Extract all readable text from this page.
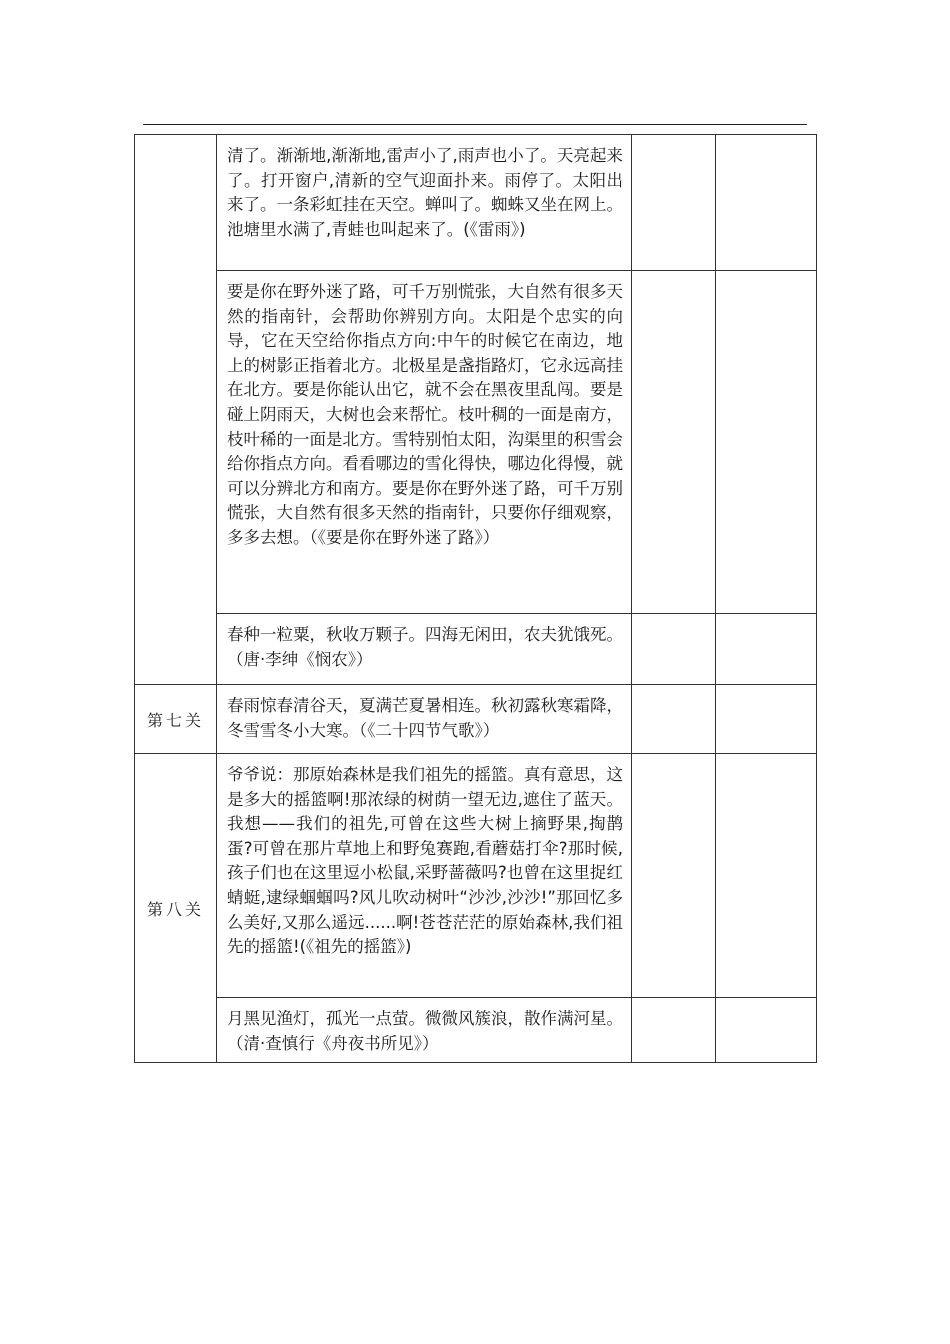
	清了。渐渐地,渐渐地,雷声小了,雨声也小了。天亮起来了。打开窗户,清新的空气迎面扑来。雨停了。太阳出来了。一条彩虹挂在天空。蝉叫了。蜘蛛又坐在网上。池塘里水满了,青蛙也叫起来了。(《雷雨》)		
	要是你在野外迷了路，可千万别慌张，大自然有很多天然的指南针，会帮助你辨别方向。太阳是个忠实的向导，它在天空给你指点方向:中午的时候它在南边，地上的树影正指着北方。北极星是盏指路灯，它永远高挂在北方。要是你能认出它，就不会在黑夜里乱闯。要是碰上阴雨天，大树也会来帮忙。枝叶稠的一面是南方，枝叶稀的一面是北方。雪特别怕太阳，沟渠里的积雪会给你指点方向。看看哪边的雪化得快，哪边化得慢，就可以分辨北方和南方。要是你在野外迷了路，可千万别慌张，大自然有很多天然的指南针，只要你仔细观察，多多去想。（《要是你在野外迷了路》）		
	春种一粒粟，秋收万颗子。四海无闲田，农夫犹饿死。（唐·李绅《悯农》）		
第七关	春雨惊春清谷天，夏满芒夏暑相连。秋初露秋寒霜降，冬雪雪冬小大寒。（《二十四节气歌》）		
第八关	爷爷说：那原始森林是我们祖先的摇篮。真有意思，这是多大的摇篮啊!那浓绿的树荫一望无边,遮住了蓝天。我想——我们的祖先,可曾在这些大树上摘野果,掏鹊蛋?可曾在那片草地上和野兔赛跑,看蘑菇打伞?那时候,孩子们也在这里逗小松鼠,采野蔷薇吗?也曾在这里捉红蜻蜓,逮绿蝈蝈吗?风儿吹动树叶“沙沙,沙沙!”那回忆多么美好,又那么遥远......啊!苍苍茫茫的原始森林,我们祖先的摇篮!(《祖先的摇篮》)		
	月黑见渔灯，孤光一点萤。微微风簇浪，散作满河星。（清·查慎行《舟夜书所见》）		
